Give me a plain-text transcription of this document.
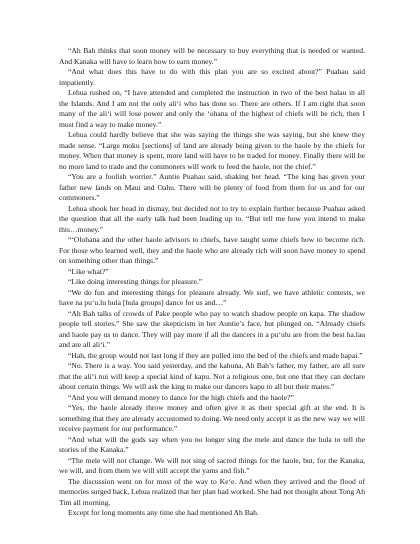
“Ah Bah thinks that soon money will be necessary to buy everything that is needed or wanted. And Kanaka will have to learn how to earn money.”

“And what does this have to do with this plan you are so excited about?” Puahau said impatiently.

Lehua rushed on, “I have attended and completed the instruction in two of the best halau in all the Islands. And I am not the only ali‘i who has done so. There are others. If I am right that soon many of the ali‘i will lose power and only the ‘ohana of the highest of chiefs will be rich, then I must find a way to make money.”

Lehua could hardly believe that she was saying the things she was saying, but she knew they made sense. “Large moku [sections] of land are already being given to the haole by the chiefs for money. When that money is spent, more land will have to be traded for money. Finally there will be no more land to trade and the commoners will work to feed the haole, not the chief.”

“You are a foolish worrier.” Auntie Puahau said, shaking her head. “The king has given your father new lands on Maui and Oahu. There will be plenty of food from them for us and for our commoners.”

Lehua shook her head in dismay, but decided not to try to explain further because Puahau asked the question that all the early talk had been leading up to. “But tell me how you intend to make this…money.”

“‘Olohana and the other haole advisors to chiefs, have taught some chiefs how to become rich. For those who learned well, they and the haole who are already rich will soon have money to spend on something other than things.”

“Like what?”

“Like doing interesting things for pleasure.”

“We do fun and interesting things for pleasure already. We surf, we have athletic contests, we have na pu‘u.lu hula [hula groups] dance for us and…”

“Ah Bah talks of crowds of Pake people who pay to watch shadow people on kapa. The shadow people tell stories.” She saw the skepticism in her Auntie’s face, but plunged on. “Already chiefs and haole pay us to dance. They will pay more if all the dancers in a pu‘ulu are from the best ha.lau and are all ali‘i.”

“Hah, the group would not last long if they are pulled into the bed of the chiefs and made hapai.”

“No. There is a way. You said yesterday, and the kahuna, Ah Bah’s father, my father, are all sure that the ali‘i nui will keep a special kind of kapu. Not a religious one, but one that they can declare about certain things. We will ask the king to make our dancers kapu to all but their mates.”

“And you will demand money to dance for the high chiefs and the haole?”

“Yes, the haole already throw money and often give it as their special gift at the end. It is something that they are already accustomed to doing. We need only accept it as the new way we will receive payment for our performance.”

“And what will the gods say when you no longer sing the mele and dance the hula to tell the stories of the Kanaka.”

“The mele will not change. We will not sing of sacred things for the haole, but, for the Kanaka, we will, and from them we will still accept the yams and fish.”

The discussion went on for most of the way to Ke‘e. And when they arrived and the flood of memories surged back, Lehua realized that her plan had worked. She had not thought about Tong Ah Tim all morning.

Except for long moments any time she had mentioned Ah Bah.
